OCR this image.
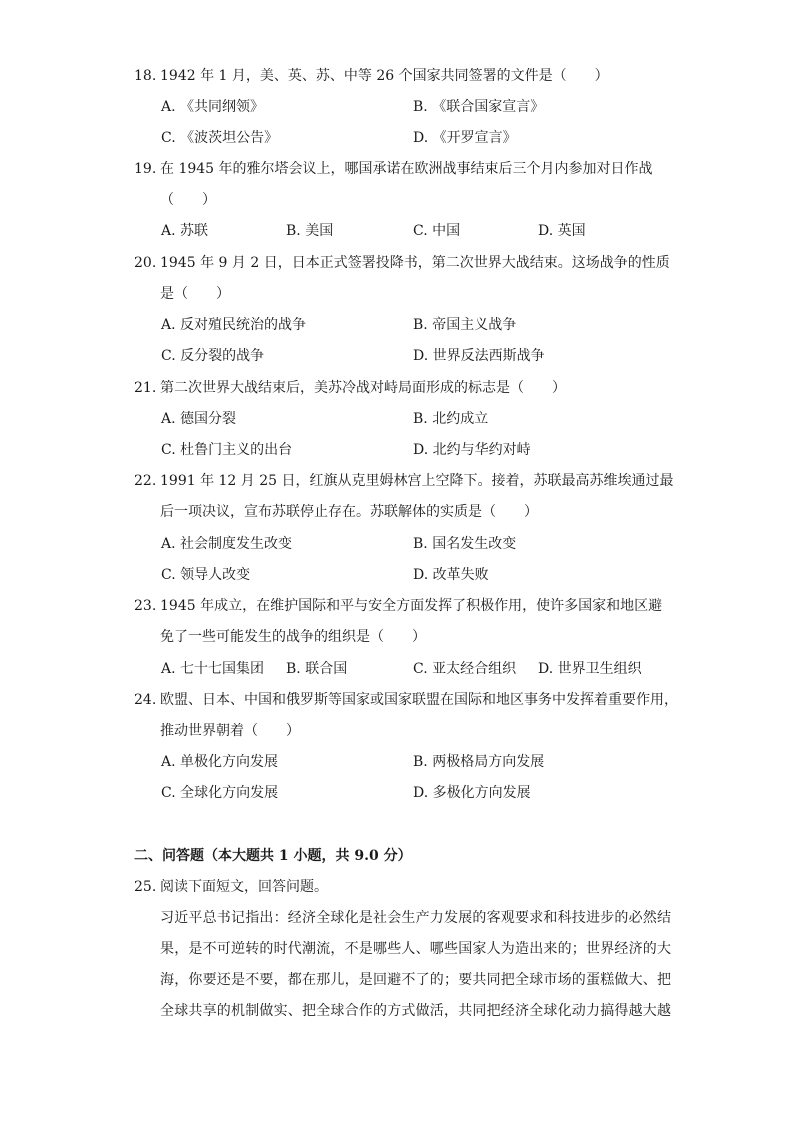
18. 1942 年 1 月，美、英、苏、中等 26 个国家共同签署的文件是（　　）
A. 《共同纲领》	B. 《联合国家宣言》
C. 《波茨坦公告》	D. 《开罗宣言》
19. 在 1945 年的雅尔塔会议上，哪国承诺在欧洲战事结束后三个月内参加对日作战
（　　）
A. 苏联	B. 美国	C. 中国	D. 英国
20. 1945 年 9 月 2 日，日本正式签署投降书，第二次世界大战结束。这场战争的性质
是（　　）
A. 反对殖民统治的战争	B. 帝国主义战争
C. 反分裂的战争	D. 世界反法西斯战争
21. 第二次世界大战结束后，美苏冷战对峙局面形成的标志是（　　）
A. 德国分裂	B. 北约成立
C. 杜鲁门主义的出台	D. 北约与华约对峙
22. 1991 年 12 月 25 日，红旗从克里姆林宫上空降下。接着，苏联最高苏维埃通过最
后一项决议，宣布苏联停止存在。苏联解体的实质是（　　）
A. 社会制度发生改变	B. 国名发生改变
C. 领导人改变	D. 改革失败
23. 1945 年成立，在维护国际和平与安全方面发挥了积极作用，使许多国家和地区避
免了一些可能发生的战争的组织是（　　）
A. 七十七国集团 B. 联合国	C. 亚太经合组织 D. 世界卫生组织
24. 欧盟、日本、中国和俄罗斯等国家或国家联盟在国际和地区事务中发挥着重要作用，
推动世界朝着（　　）
A. 单极化方向发展	B. 两极格局方向发展
C. 全球化方向发展	D. 多极化方向发展
二、问答题（本大题共 1 小题，共 9.0 分）
25. 阅读下面短文，回答问题。
习近平总书记指出：经济全球化是社会生产力发展的客观要求和科技进步的必然结
果，是不可逆转的时代潮流，不是哪些人、哪些国家人为造出来的；世界经济的大
海，你要还是不要，都在那儿，是回避不了的；要共同把全球市场的蛋糕做大、把
全球共享的机制做实、把全球合作的方式做活，共同把经济全球化动力搞得越大越
